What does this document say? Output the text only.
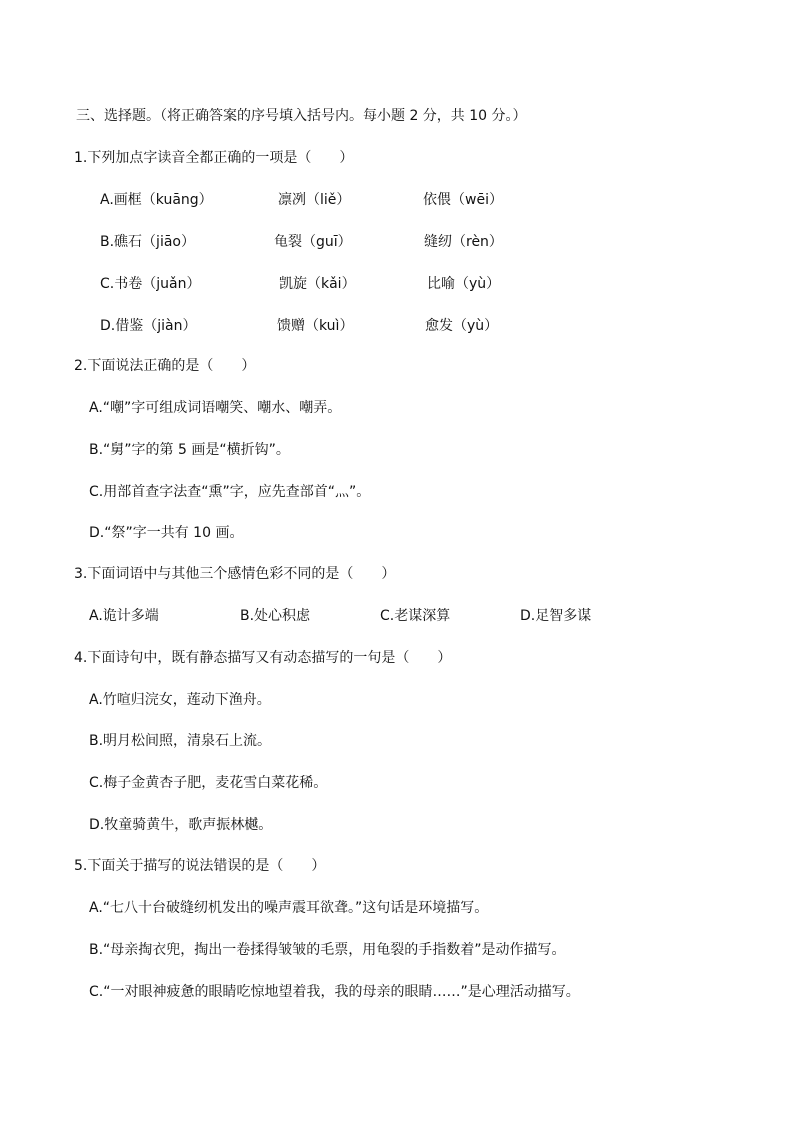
三、选择题。（将正确答案的序号填入括号内。每小题 2 分，共 10 分。）
1.下列加点字读音全都正确的一项是（　　）
A.画框（kuāng）	凛冽（liě）	依偎（wēi）
B.礁石（jiāo）	龟裂（guī）	缝纫（rèn）
C.书卷（juǎn）	凯旋（kǎi）	比喻（yù）
D.借鉴（jiàn）	馈赠（kuì）	愈发（yù）
2.下面说法正确的是（　　）
A.“嘲”字可组成词语嘲笑、嘲水、嘲弄。
B.“舅”字的第 5 画是“横折钩”。
C.用部首查字法查“熏”字，应先查部首“灬”。
D.“祭”字一共有 10 画。
3.下面词语中与其他三个感情色彩不同的是（　　）
A.诡计多端	B.处心积虑	C.老谋深算	D.足智多谋
4.下面诗句中，既有静态描写又有动态描写的一句是（　　）
A.竹喧归浣女，莲动下渔舟。
B.明月松间照，清泉石上流。
C.梅子金黄杏子肥，麦花雪白菜花稀。
D.牧童骑黄牛，歌声振林樾。
5.下面关于描写的说法错误的是（　　）
A.“七八十台破缝纫机发出的噪声震耳欲聋。”这句话是环境描写。
B.“母亲掏衣兜，掏出一卷揉得皱皱的毛票，用龟裂的手指数着”是动作描写。
C.“一对眼神疲惫的眼睛吃惊地望着我，我的母亲的眼睛……”是心理活动描写。
